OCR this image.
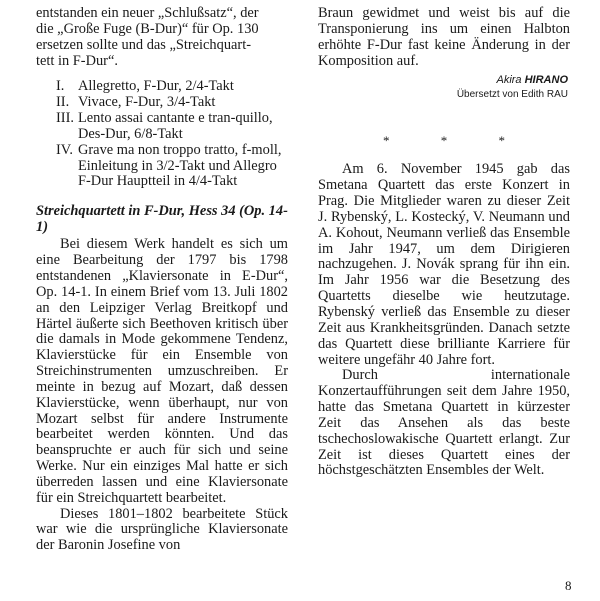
entstanden ein neuer „Schlußsatz“, der
die „Große Fuge (B-Dur)“ für Op. 130
ersetzen sollte und das „Streichquart-
tett in F-Dur“.

I. Allegretto, F-Dur, 2/4-Takt
II. Vivace, F-Dur, 3/4-Takt
III. Lento assai cantante e tran-quillo, Des-Dur, 6/8-Takt
IV. Grave ma non troppo tratto, f-moll, Einleitung in 3/2-Takt und Allegro F-Dur Hauptteil in 4/4-Takt
Streichquartett in F-Dur, Hess 34 (Op. 14-1)

Bei diesem Werk handelt es sich um eine Bearbeitung der 1797 bis 1798 entstandenen „Klaviersonate in E-Dur“, Op. 14-1. In einem Brief vom 13. Juli 1802 an den Leipziger Verlag Breitkopf und Härtel äußerte sich Beethoven kritisch über die damals in Mode gekommene Tendenz, Klavierstücke für ein Ensemble von Streichinstrumenten umzuschreiben. Er meinte in bezug auf Mozart, daß dessen Klavierstücke, wenn überhaupt, nur von Mozart selbst für andere Instrumente bearbeitet werden könnten. Und das beanspruchte er auch für sich und seine Werke. Nur ein einziges Mal hatte er sich überreden lassen und eine Klaviersonate für ein Streichquartett bearbeitet.

Dieses 1801–1802 bearbeitete Stück war wie die ursprüngliche Klaviersonate der Baronin Josefine von

Braun gewidmet und weist bis auf die Transponierung ins um einen Halbton erhöhte F-Dur fast keine Änderung in der Komposition auf.

Akira HIRANO
Übersetzt von Edith RAU
* * *

Am 6. November 1945 gab das Smetana Quartett das erste Konzert in Prag. Die Mitglieder waren zu dieser Zeit J. Rybenský, L. Kostecký, V. Neumann und A. Kohout, Neumann verließ das Ensemble im Jahr 1947, um dem Dirigieren nachzugehen. J. Novák sprang für ihn ein. Im Jahr 1956 war die Besetzung des Quartetts dieselbe wie heutzutage. Rybenský verließ das Ensemble zu dieser Zeit aus Krankheitsgründen. Danach setzte das Quartett diese brilliante Karriere für weitere ungefähr 40 Jahre fort.

Durch internationale Konzertaufführungen seit dem Jahre 1950, hatte das Smetana Quartett in kürzester Zeit das Ansehen als das beste tschechoslowakische Quartett erlangt. Zur Zeit ist dieses Quartett eines der höchstgeschätzten Ensembles der Welt.

8
